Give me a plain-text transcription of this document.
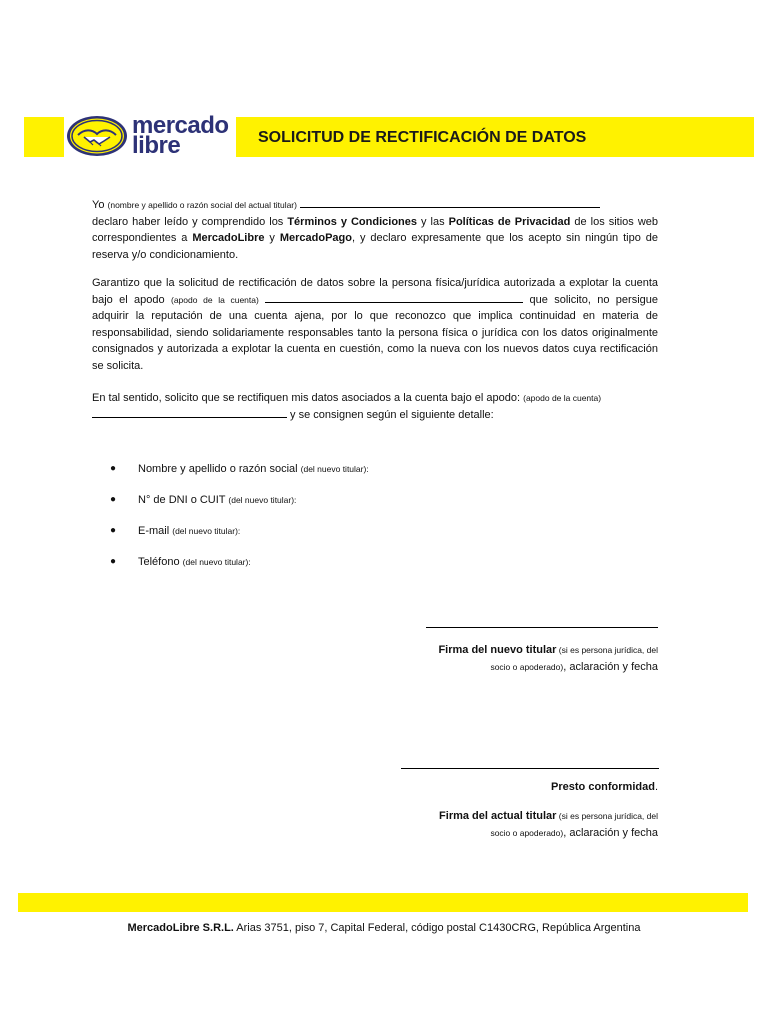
mercado
libre	SOLICITUD DE RECTIFICACIÓN DE DATOS
Yo (nombre y apellido o razón social del actual titular)
declaro haber leído y comprendido los Términos y Condiciones y las Políticas de Privacidad de los sitios web correspondientes a MercadoLibre y MercadoPago, y declaro expresamente que los acepto sin ningún tipo de reserva y/o condicionamiento.
Garantizo que la solicitud de rectificación de datos sobre la persona física/jurídica autorizada a explotar la cuenta bajo el apodo (apodo de la cuenta)	que solicito, no persigue adquirir la reputación de una cuenta ajena, por lo que reconozco que implica continuidad en materia de responsabilidad, siendo solidariamente responsables tanto la persona física o jurídica con los datos originalmente consignados y autorizada a explotar la cuenta en cuestión, como la nueva con los nuevos datos cuya rectificación se solicita.
En tal sentido, solicito que se rectifiquen mis datos asociados a la cuenta bajo el apodo: (apodo de la cuenta)
y se consignen según el siguiente detalle:
● Nombre y apellido o razón social (del nuevo titular):
● N° de DNI o CUIT (del nuevo titular):
● E-mail (del nuevo titular):
● Teléfono (del nuevo titular):
Firma del nuevo titular (si es persona jurídica, del
socio o apoderado), aclaración y fecha
Presto conformidad.
Firma del actual titular (si es persona jurídica, del
socio o apoderado), aclaración y fecha
MercadoLibre S.R.L. Arias 3751, piso 7, Capital Federal, código postal C1430CRG, República Argentina
